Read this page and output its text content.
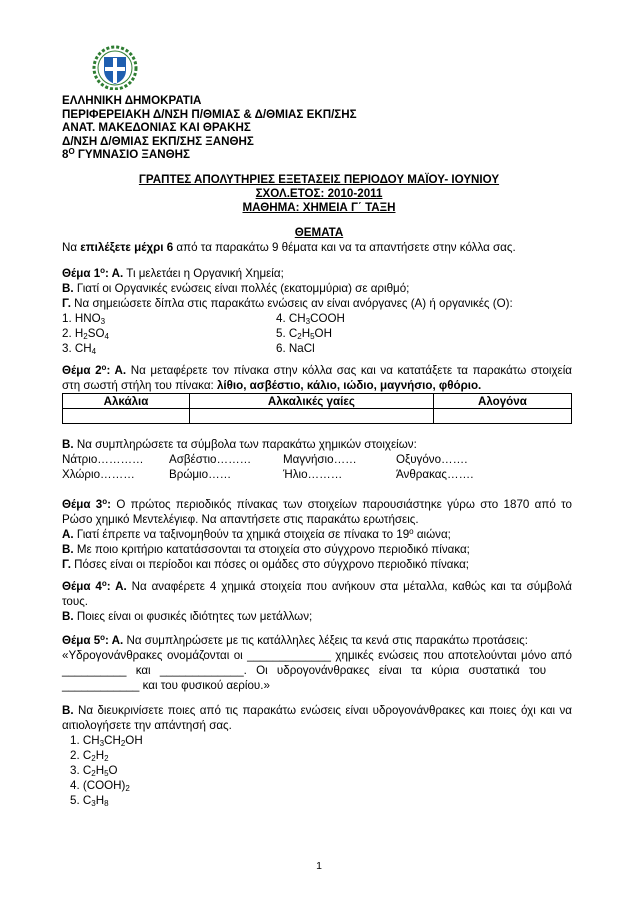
ΕΛΛΗΝΙΚΗ ΔΗΜΟΚΡΑΤΙΑ
ΠΕΡΙΦΕΡΕΙΑΚΗ Δ/ΝΣΗ Π/ΘΜΙΑΣ & Δ/ΘΜΙΑΣ ΕΚΠ/ΣΗΣ
ΑΝΑΤ. ΜΑΚΕΔΟΝΙΑΣ ΚΑΙ ΘΡΑΚΗΣ
Δ/ΝΣΗ Δ/ΘΜΙΑΣ ΕΚΠ/ΣΗΣ ΞΑΝΘΗΣ
$8^O$ ΓΥΜΝΑΣΙΟ ΞΑΝΘΗΣ
ΓΡΑΠΤΕΣ ΑΠΟΛΥΤΗΡΙΕΣ ΕΞΕΤΑΣΕΙΣ ΠΕΡΙΟΔΟΥ ΜΑΪΟΥ- ΙΟΥΝΙΟΥ
ΣΧΟΛ.ΕΤΟΣ: 2010-2011
ΜΑΘΗΜΑ: ΧΗΜΕΙΑ Γ΄ ΤΑΞΗ
ΘΕΜΑΤΑ

Να επιλέξετε μέχρι 6 από τα παρακάτω 9 θέματα και να τα απαντήσετε στην κόλλα σας.

Θέμα $1^o$: Α. Τι μελετάει η Οργανική Χημεία;

Β. Γιατί οι Οργανικές ενώσεις είναι πολλές (εκατομμύρια) σε αριθμό;

Γ. Να σημειώσετε δίπλα στις παρακάτω ενώσεις αν είναι ανόργανες (Α) ή οργανικές (Ο):

1. $HNO_3$	4. $CH_3COOH$
2. $H_2SO_4$	5. $C_2H_5OH$
3. $CH_4$	6. NaCl

Θέμα $2^o$: Α. Να μεταφέρετε τον πίνακα στην κόλλα σας και να κατατάξετε τα παρακάτω στοιχεία στη σωστή στήλη του πίνακα: λίθιο, ασβέστιο, κάλιο, ιώδιο, μαγνήσιο, φθόριο.

Αλκάλια	Αλκαλικές γαίες	Αλογόνα

Β. Να συμπληρώσετε τα σύμβολα των παρακάτω χημικών στοιχείων:

Νάτριο…………	Ασβέστιο………	Μαγνήσιο……	Οξυγόνο…….
Χλώριο………	Βρώμιο……	Ήλιο………	Άνθρακας…….

Θέμα $3^o$: Ο πρώτος περιοδικός πίνακας των στοιχείων παρουσιάστηκε γύρω στο 1870 από το Ρώσο χημικό Μεντελέγιεφ. Να απαντήσετε στις παρακάτω ερωτήσεις.

Α. Γιατί έπρεπε να ταξινομηθούν τα χημικά στοιχεία σε πίνακα το $19^o$ αιώνα;

Β. Με ποιο κριτήριο κατατάσσονται τα στοιχεία στο σύγχρονο περιοδικό πίνακα;

Γ. Πόσες είναι οι περίοδοι και πόσες οι ομάδες στο σύγχρονο περιοδικό πίνακα;

Θέμα $4^o$: Α. Να αναφέρετε 4 χημικά στοιχεία που ανήκουν στα μέταλλα, καθώς και τα σύμβολά τους.

Β. Ποιες είναι οι φυσικές ιδιότητες των μετάλλων;

Θέμα $5^o$: Α. Να συμπληρώσετε με τις κατάλληλες λέξεις τα κενά στις παρακάτω προτάσεις:

«Υδρογονάνθρακες ονομάζονται οι _____________ χημικές ενώσεις που αποτελούνται μόνο από

__________ και _____________. Οι υδρογονάνθρακες είναι τα κύρια συστατικά του

____________ και του φυσικού αερίου.»

Β. Να διευκρινίσετε ποιες από τις παρακάτω ενώσεις είναι υδρογονάνθρακες και ποιες όχι και να αιτιολογήσετε την απάντησή σας.

1. $CH_3CH_2OH$
2. $C_2H_2$
3. $C_2H_5O$
4. $(COOH)_2$
5. $C_3H_8$
1
